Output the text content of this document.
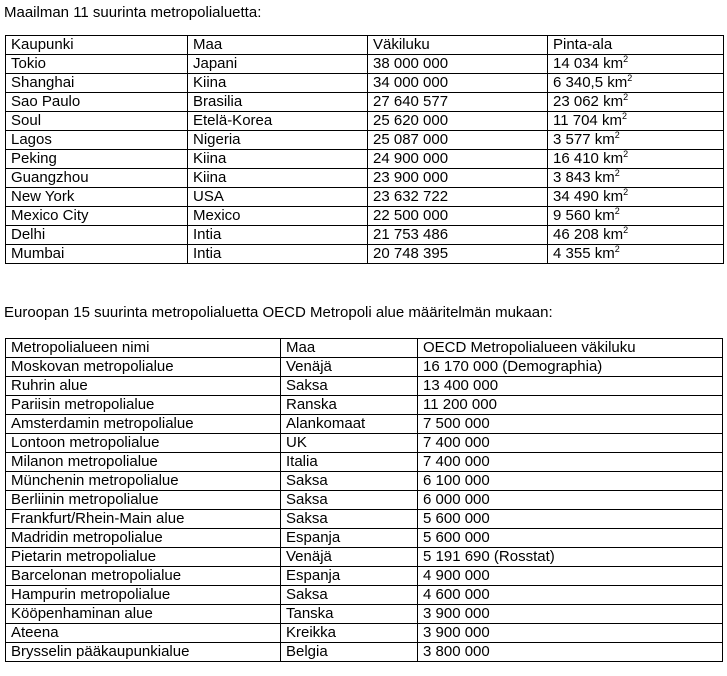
Maailman 11 suurinta metropolialuetta:
Kaupunki	Maa	Väkiluku	Pinta-ala
Tokio	Japani	38 000 000	14 034 $km^2$
Shanghai	Kiina	34 000 000	6 340,5 $km^2$
Sao Paulo	Brasilia	27 640 577	23 062 $km^2$
Soul	Etelä-Korea	25 620 000	11 704 $km^2$
Lagos	Nigeria	25 087 000	3 577 $km^2$
Peking	Kiina	24 900 000	16 410 $km^2$
Guangzhou	Kiina	23 900 000	3 843 $km^2$
New York	USA	23 632 722	34 490 $km^2$
Mexico City	Mexico	22 500 000	9 560 $km^2$
Delhi	Intia	21 753 486	46 208 $km^2$
Mumbai	Intia	20 748 395	4 355 $km^2$
Euroopan 15 suurinta metropolialuetta OECD Metropoli alue määritelmän mukaan:
Metropolialueen nimi	Maa	OECD Metropolialueen väkiluku
Moskovan metropolialue	Venäjä	16 170 000 (Demographia)
Ruhrin alue	Saksa	13 400 000
Pariisin metropolialue	Ranska	11 200 000
Amsterdamin metropolialue	Alankomaat	7 500 000
Lontoon metropolialue	UK	7 400 000
Milanon metropolialue	Italia	7 400 000
Münchenin metropolialue	Saksa	6 100 000
Berliinin metropolialue	Saksa	6 000 000
Frankfurt/Rhein-Main alue	Saksa	5 600 000
Madridin metropolialue	Espanja	5 600 000
Pietarin metropolialue	Venäjä	5 191 690 (Rosstat)
Barcelonan metropolialue	Espanja	4 900 000
Hampurin metropolialue	Saksa	4 600 000
Kööpenhaminan alue	Tanska	3 900 000
Ateena	Kreikka	3 900 000
Brysselin pääkaupunkialue	Belgia	3 800 000
